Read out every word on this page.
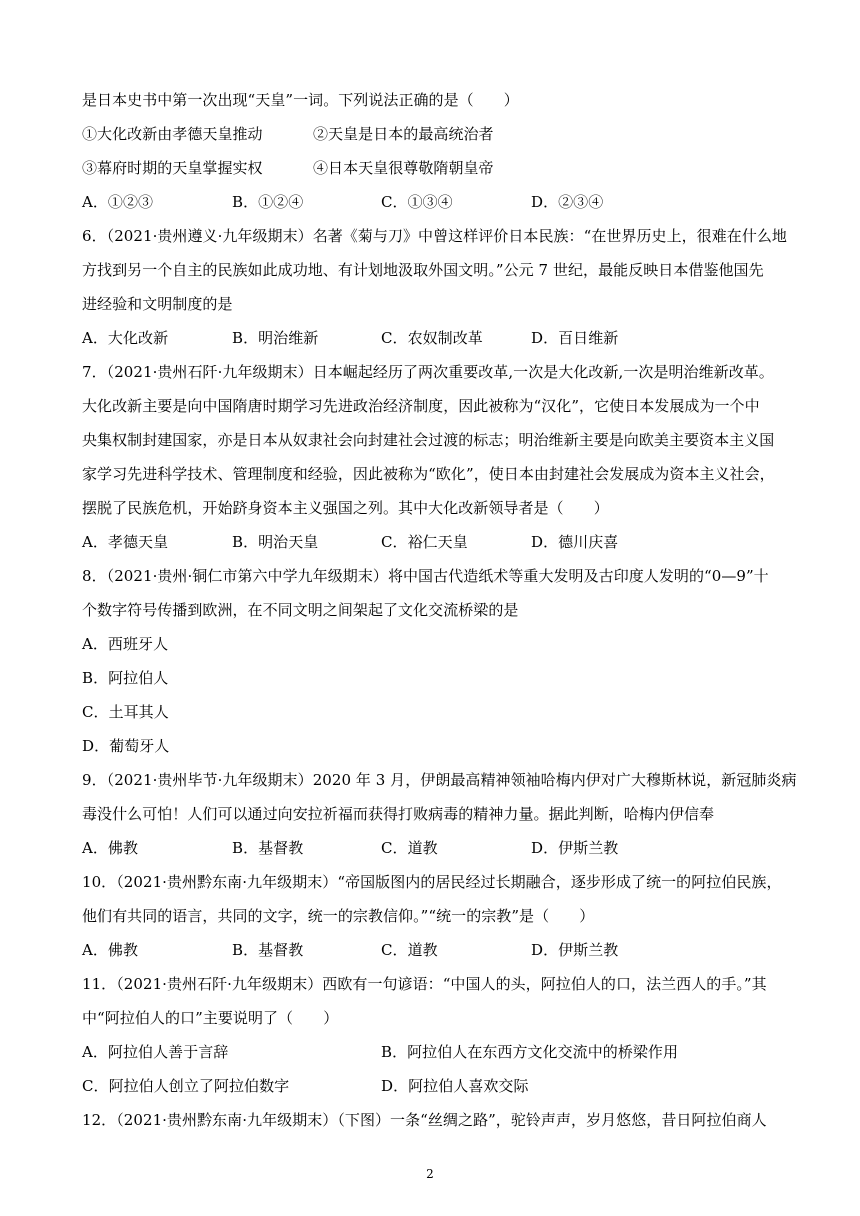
是日本史书中第一次出现“天皇”一词。下列说法正确的是（　　）
①大化改新由孝德天皇推动	②天皇是日本的最高统治者
③幕府时期的天皇掌握实权	④日本天皇很尊敬隋朝皇帝
A．①②③	B．①②④	C．①③④	D．②③④
6．（2021·贵州遵义·九年级期末）名著《菊与刀》中曾这样评价日本民族：“在世界历史上，很难在什么地
方找到另一个自主的民族如此成功地、有计划地汲取外国文明。”公元 7 世纪，最能反映日本借鉴他国先
进经验和文明制度的是
A．大化改新	B．明治维新	C．农奴制改革	D．百日维新
7．（2021·贵州石阡·九年级期末）日本崛起经历了两次重要改革,一次是大化改新,一次是明治维新改革。
大化改新主要是向中国隋唐时期学习先进政治经济制度，因此被称为“汉化”，它使日本发展成为一个中
央集权制封建国家，亦是日本从奴隶社会向封建社会过渡的标志；明治维新主要是向欧美主要资本主义国
家学习先进科学技术、管理制度和经验，因此被称为“欧化”，使日本由封建社会发展成为资本主义社会，
摆脱了民族危机，开始跻身资本主义强国之列。其中大化改新领导者是（　　）
A．孝德天皇	B．明治天皇	C．裕仁天皇	D．德川庆喜
8．（2021·贵州·铜仁市第六中学九年级期末）将中国古代造纸术等重大发明及古印度人发明的“0—9”十
个数字符号传播到欧洲，在不同文明之间架起了文化交流桥梁的是
A．西班牙人
B．阿拉伯人
C．土耳其人
D．葡萄牙人
9．（2021·贵州毕节·九年级期末）2020 年 3 月，伊朗最高精神领袖哈梅内伊对广大穆斯林说，新冠肺炎病
毒没什么可怕！人们可以通过向安拉祈福而获得打败病毒的精神力量。据此判断，哈梅内伊信奉
A．佛教	B．基督教	C．道教	D．伊斯兰教
10．（2021·贵州黔东南·九年级期末）“帝国版图内的居民经过长期融合，逐步形成了统一的阿拉伯民族，
他们有共同的语言，共同的文字，统一的宗教信仰。”“统一的宗教”是（　　）
A．佛教	B．基督教	C．道教	D．伊斯兰教
11．（2021·贵州石阡·九年级期末）西欧有一句谚语：“中国人的头，阿拉伯人的口，法兰西人的手。”其
中“阿拉伯人的口”主要说明了（　　）
A．阿拉伯人善于言辞	B．阿拉伯人在东西方文化交流中的桥梁作用
C．阿拉伯人创立了阿拉伯数字	D．阿拉伯人喜欢交际
12．（2021·贵州黔东南·九年级期末）（下图）一条“丝绸之路”，驼铃声声，岁月悠悠，昔日阿拉伯商人
2
